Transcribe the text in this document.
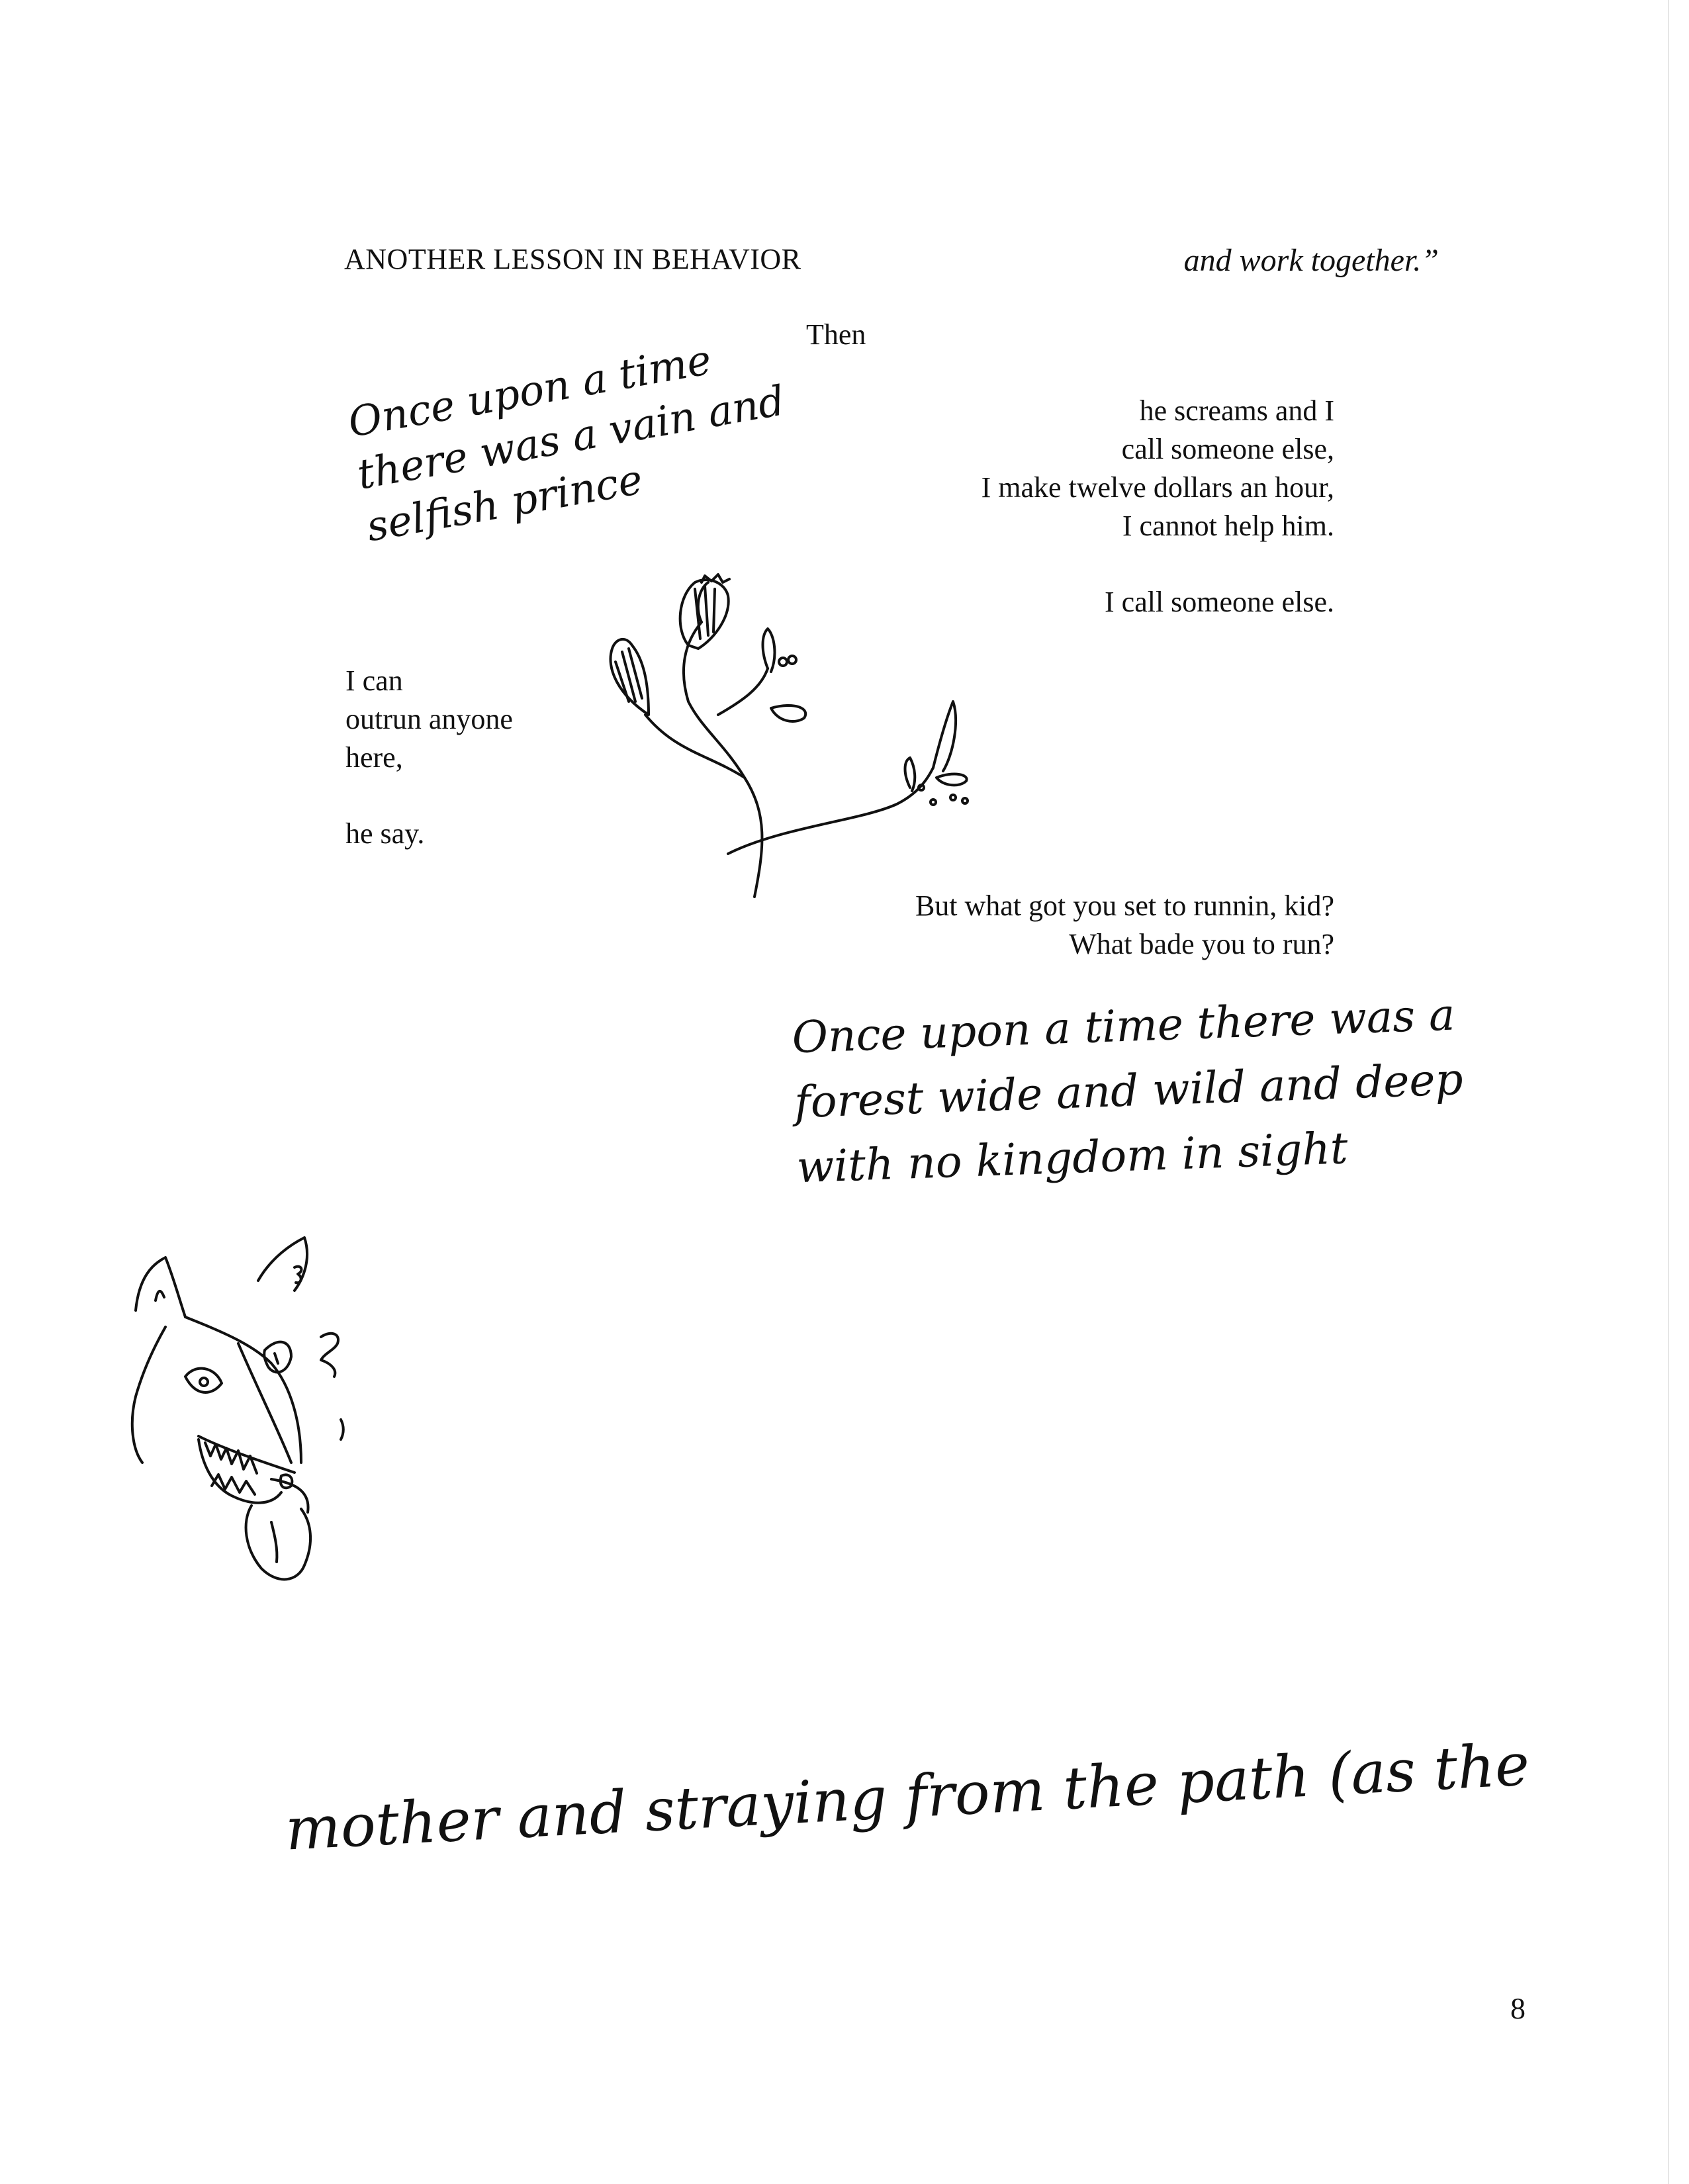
ANOTHER LESSON IN BEHAVIOR	and work together.”
Then
he screams and I
call someone else,
I make twelve dollars an hour,
I cannot help him.
I call someone else.
I can
outrun anyone
here,
he say.
But what got you set to runnin, kid?
What bade you to run?
Once upon a time there was a vain and selfish prince
Once upon a time there was a forest wide and wild and deep with no kingdom in sight
mother and straying from the path (as the
8
